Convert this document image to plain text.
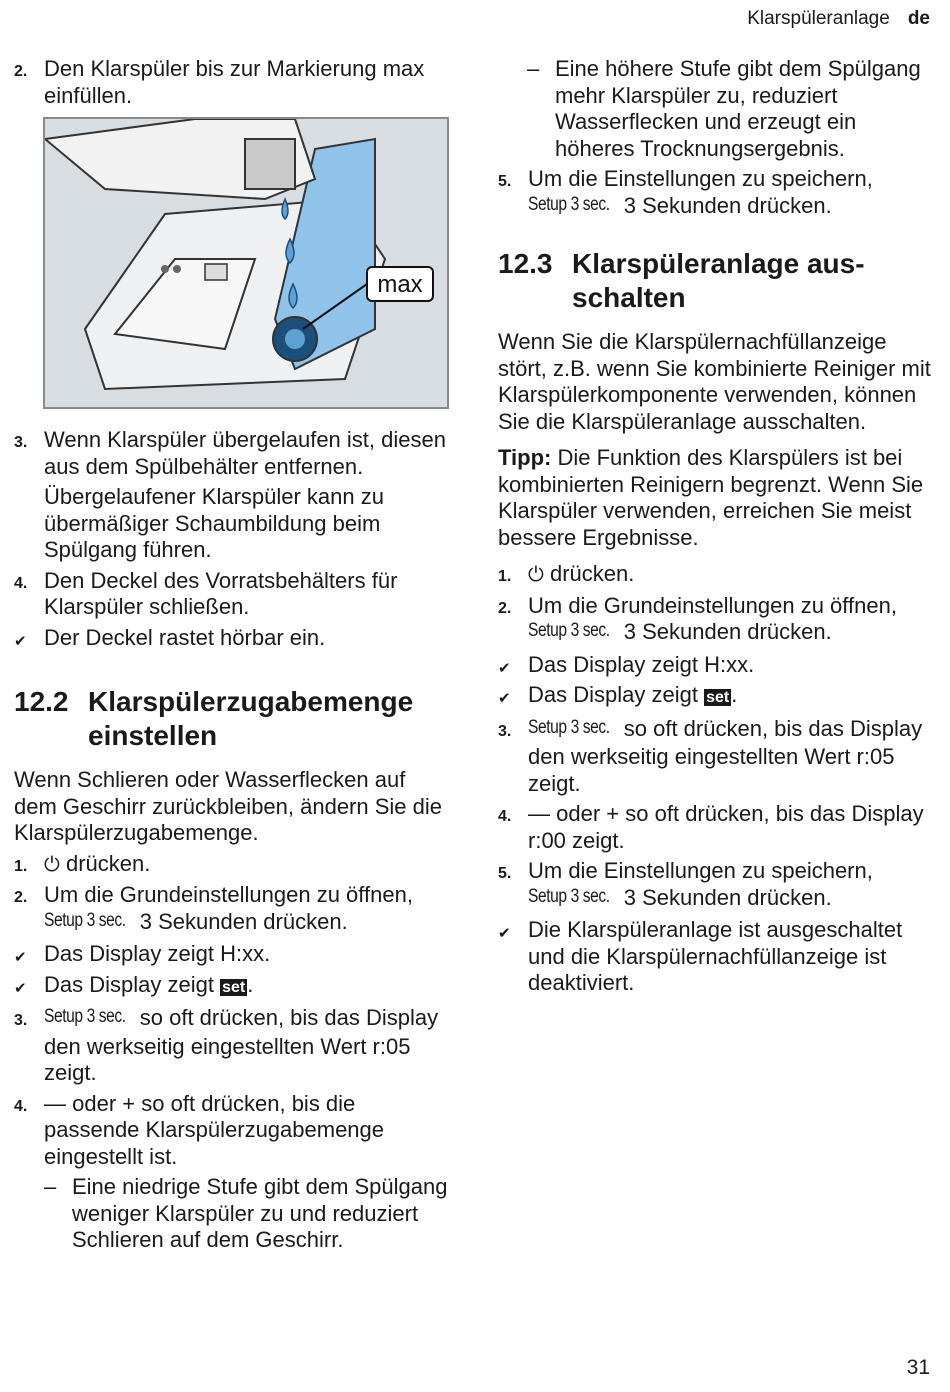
Klarspüleranlage de

2. Den Klarspüler bis zur Markierung max einfüllen.

max

3. Wenn Klarspüler übergelaufen ist, diesen aus dem Spülbehälter entfernen.

Übergelaufener Klarspüler kann zu übermäßiger Schaumbildung beim Spülgang führen.

4. Den Deckel des Vorratsbehälters für Klarspüler schließen.

✔ Der Deckel rastet hörbar ein.

12.2 Klarspülerzugabemenge
einstellen

Wenn Schlieren oder Wasserflecken auf dem Geschirr zurückbleiben, ändern Sie die Klarspülerzugabemenge.

1. ⏻ drücken.

2. Um die Grundeinstellungen zu öffnen, Setup 3 sec. 3 Sekunden drücken.

✔ Das Display zeigt H:xx.

✔ Das Display zeigt set.

3. Setup 3 sec. so oft drücken, bis das Display den werkseitig eingestellten Wert r:05 zeigt.

4. — oder + so oft drücken, bis die passende Klarspülerzugabemenge eingestellt ist.

– Eine niedrige Stufe gibt dem Spülgang weniger Klarspüler zu und reduziert Schlieren auf dem Geschirr.

– Eine höhere Stufe gibt dem Spülgang mehr Klarspüler zu, reduziert Wasserflecken und erzeugt ein höheres Trocknungsergebnis.

5. Um die Einstellungen zu speichern, Setup 3 sec. 3 Sekunden drücken.

12.3 Klarspüleranlage aus-
schalten

Wenn Sie die Klarspülernachfüllanzeige stört, z.B. wenn Sie kombinierte Reiniger mit Klarspülerkomponente verwenden, können Sie die Klarspüleranlage ausschalten.

Tipp: Die Funktion des Klarspülers ist bei kombinierten Reinigern begrenzt. Wenn Sie Klarspüler verwenden, erreichen Sie meist bessere Ergebnisse.

1. ⏻ drücken.

2. Um die Grundeinstellungen zu öffnen, Setup 3 sec. 3 Sekunden drücken.

✔ Das Display zeigt H:xx.

✔ Das Display zeigt set.

3. Setup 3 sec. so oft drücken, bis das Display den werkseitig eingestellten Wert r:05 zeigt.

4. — oder + so oft drücken, bis das Display r:00 zeigt.

5. Um die Einstellungen zu speichern, Setup 3 sec. 3 Sekunden drücken.

✔ Die Klarspüleranlage ist ausgeschaltet und die Klarspülernachfüllanzeige ist deaktiviert.

31
